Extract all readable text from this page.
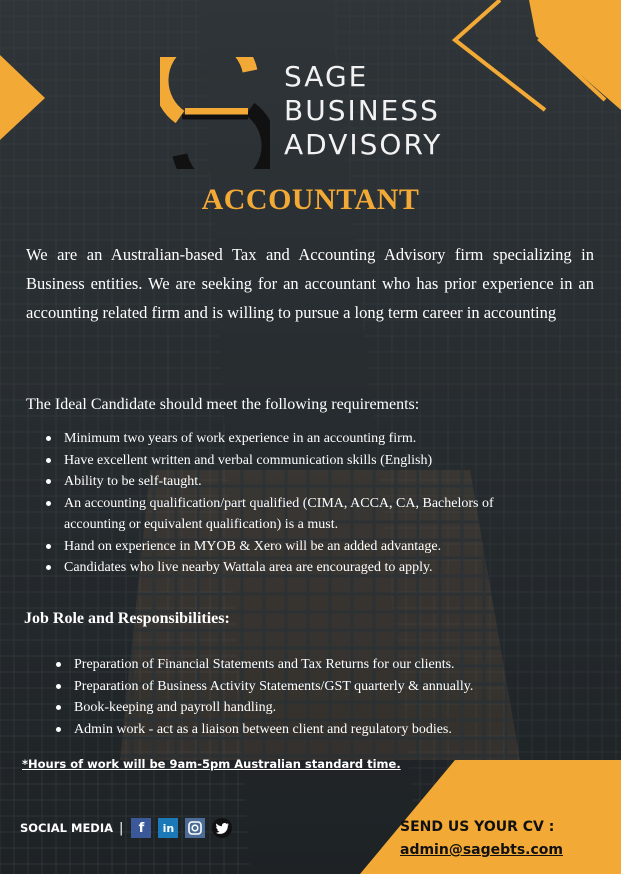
SAGE
BUSINESS
ADVISORY
ACCOUNTANT
We are an Australian-based Tax and Accounting Advisory firm specializing in Business entities. We are seeking for an accountant who has prior experience in an accounting related firm and is willing to pursue a long term career in accounting
The Ideal Candidate should meet the following requirements:
Minimum two years of work experience in an accounting firm.
Have excellent written and verbal communication skills (English)
Ability to be self-taught.
An accounting qualification/part qualified (CIMA, ACCA, CA, Bachelors of accounting or equivalent qualification) is a must.
Hand on experience in MYOB & Xero will be an added advantage.
Candidates who live nearby Wattala area are encouraged to apply.
Job Role and Responsibilities:
Preparation of Financial Statements and Tax Returns for our clients.
Preparation of Business Activity Statements/GST quarterly & annually.
Book-keeping and payroll handling.
Admin work - act as a liaison between client and regulatory bodies.
*Hours of work will be 9am-5pm Australian standard time.
SOCIAL MEDIA |	f	in	SEND US YOUR CV :
admin@sagebts.com
